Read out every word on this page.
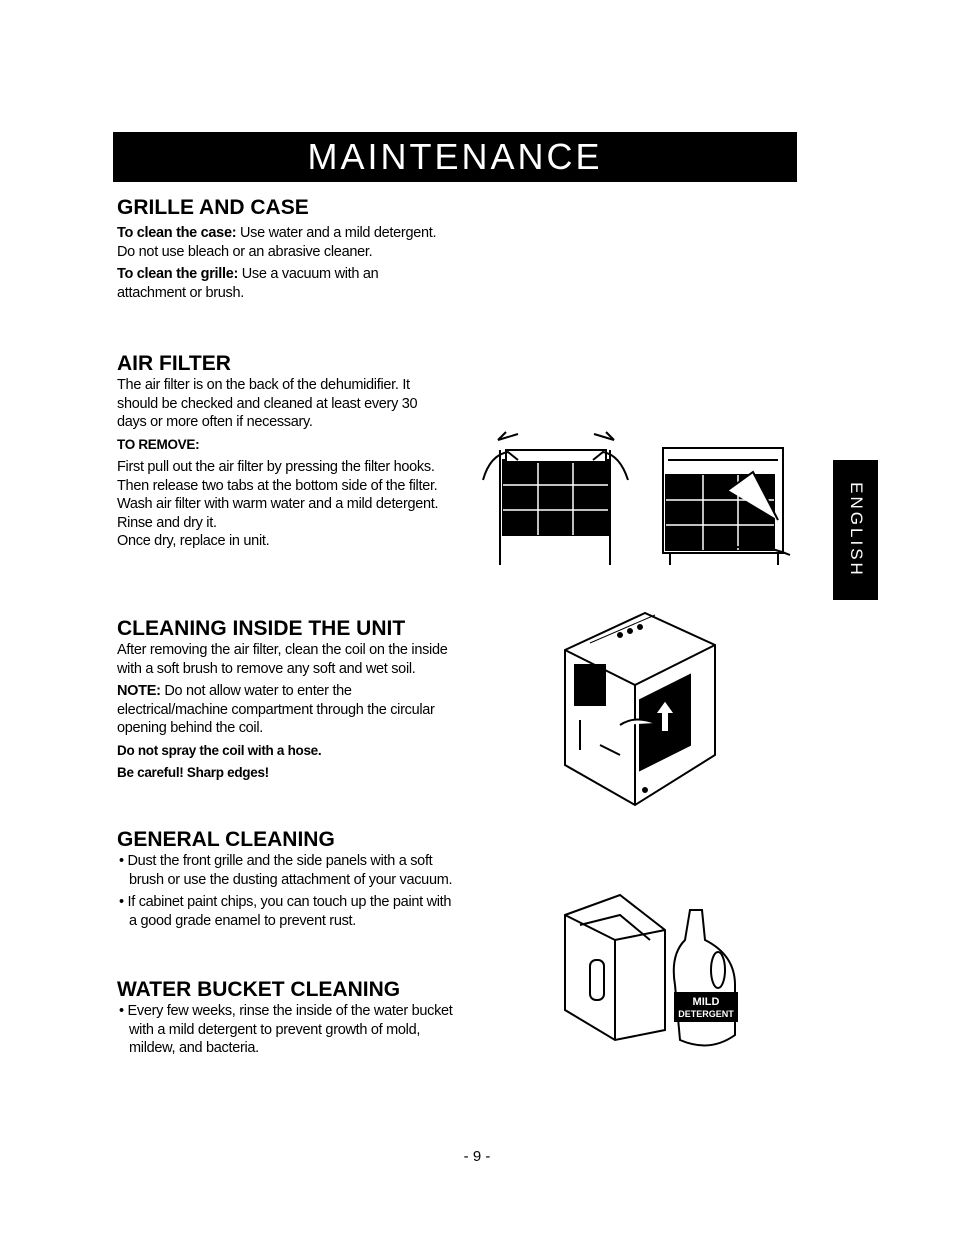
MAINTENANCE
ENGLISH
GRILLE AND CASE
To clean the case: Use water and a mild detergent. Do not use bleach or an abrasive cleaner.
To clean the grille: Use a vacuum with an attachment or brush.
AIR FILTER
The air filter is on the back of the dehumidifier. It should be checked and cleaned at least every 30 days or more often if necessary.
TO REMOVE:
First pull out the air filter by pressing the filter hooks. Then release two tabs at the bottom side of the filter.
Wash air filter with warm water and a mild detergent. Rinse and dry it.
Once dry, replace in unit.
CLEANING INSIDE THE UNIT
After removing the air filter, clean the coil on the inside with a soft brush to remove any soft and wet soil.
NOTE: Do not allow water to enter the electrical/machine compartment through the circular opening behind the coil.
Do not spray the coil with a hose.
Be careful! Sharp edges!
GENERAL CLEANING
• Dust the front grille and the side panels with a soft brush or use the dusting attachment of your vacuum.
• If cabinet paint chips, you can touch up the paint with a good grade enamel to prevent rust.
WATER BUCKET CLEANING
• Every few weeks, rinse the inside of the water bucket with a mild detergent to prevent growth of mold, mildew, and bacteria.
MILD
DETERGENT
- 9 -
